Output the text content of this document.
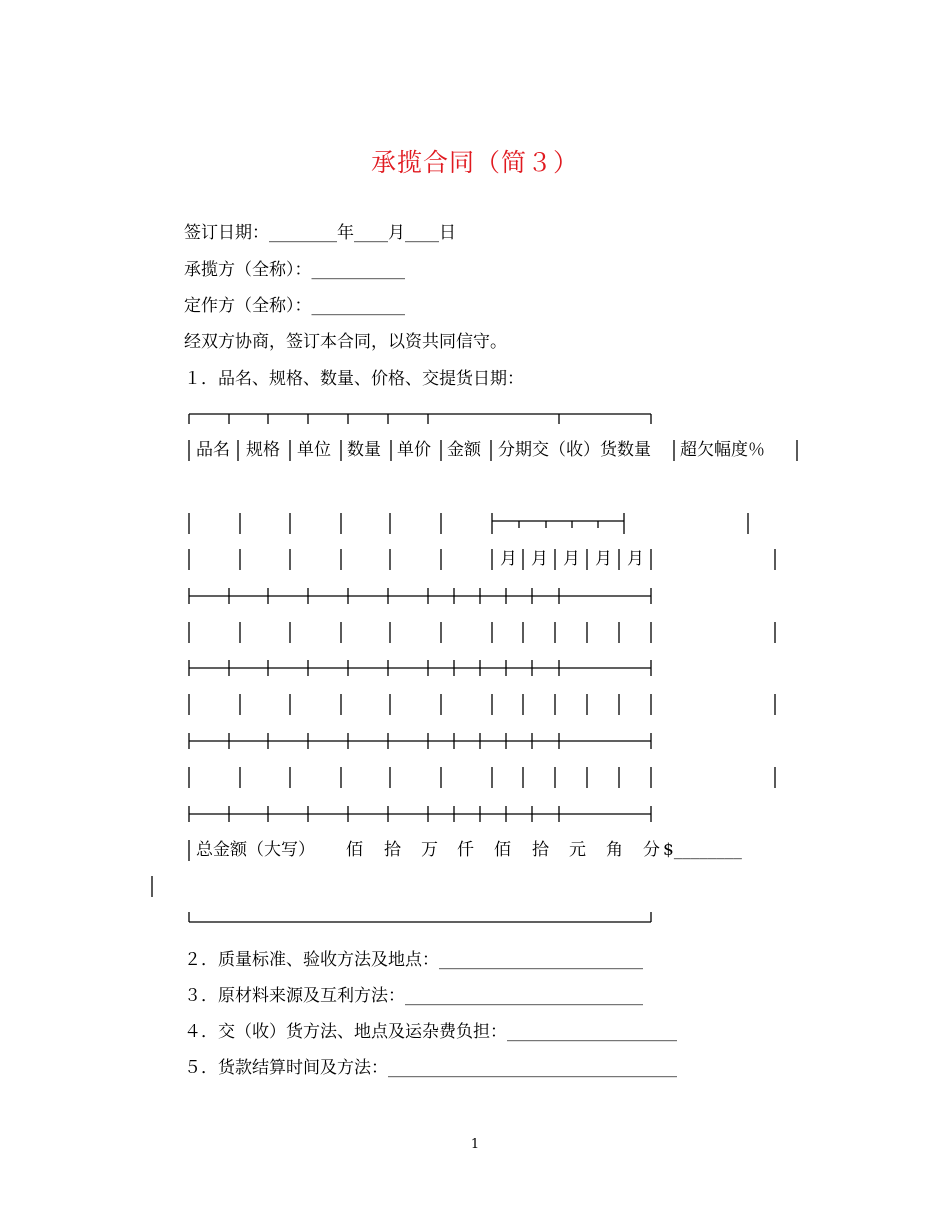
承揽合同（简３）
签订日期：________年____月____日
承揽方（全称）：___________
定作方（全称）：___________
经双方协商，签订本合同，以资共同信守。
１．品名、规格、数量、价格、交提货日期：
品名 规格 单位 数量 单价 金额 分期交（收）货数量 超欠幅度％
月 月 月 月 月
总金额（大写） 佰 拾 万 仟 佰 拾 元 角 分 $________
２．质量标准、验收方法及地点：________________________
３．原材料来源及互利方法：____________________________
４．交（收）货方法、地点及运杂费负担：____________________
５．货款结算时间及方法：__________________________________
1
